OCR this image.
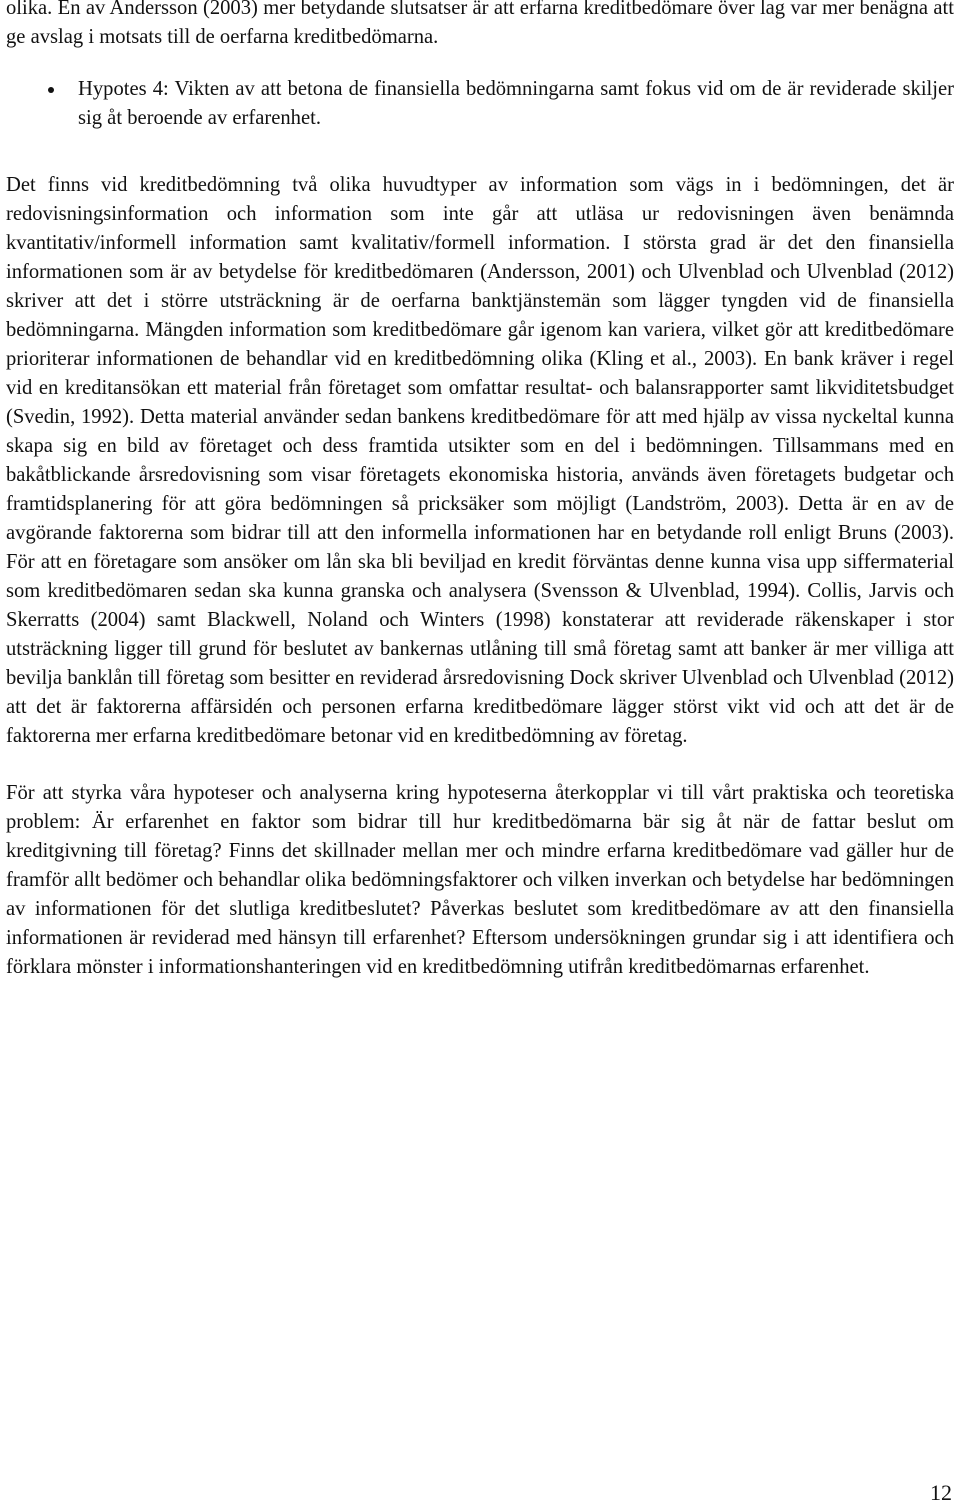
olika. En av Andersson (2003) mer betydande slutsatser är att erfarna kreditbedömare över lag var mer benägna att ge avslag i motsats till de oerfarna kreditbedömarna.

Hypotes 4: Vikten av att betona de finansiella bedömningarna samt fokus vid om de är reviderade skiljer sig åt beroende av erfarenhet.

Det finns vid kreditbedömning två olika huvudtyper av information som vägs in i bedömningen, det är redovisningsinformation och information som inte går att utläsa ur redovisningen även benämnda kvantitativ/informell information samt kvalitativ/formell information. I största grad är det den finansiella informationen som är av betydelse för kreditbedömaren (Andersson, 2001) och Ulvenblad och Ulvenblad (2012) skriver att det i större utsträckning är de oerfarna banktjänstemän som lägger tyngden vid de finansiella bedömningarna. Mängden information som kreditbedömare går igenom kan variera, vilket gör att kreditbedömare prioriterar informationen de behandlar vid en kreditbedömning olika (Kling et al., 2003). En bank kräver i regel vid en kreditansökan ett material från företaget som omfattar resultat- och balansrapporter samt likviditetsbudget (Svedin, 1992). Detta material använder sedan bankens kreditbedömare för att med hjälp av vissa nyckeltal kunna skapa sig en bild av företaget och dess framtida utsikter som en del i bedömningen. Tillsammans med en bakåtblickande årsredovisning som visar företagets ekonomiska historia, används även företagets budgetar och framtidsplanering för att göra bedömningen så pricksäker som möjligt (Landström, 2003). Detta är en av de avgörande faktorerna som bidrar till att den informella informationen har en betydande roll enligt Bruns (2003). För att en företagare som ansöker om lån ska bli beviljad en kredit förväntas denne kunna visa upp siffermaterial som kreditbedömaren sedan ska kunna granska och analysera (Svensson & Ulvenblad, 1994). Collis, Jarvis och Skerratts (2004) samt Blackwell, Noland och Winters (1998) konstaterar att reviderade räkenskaper i stor utsträckning ligger till grund för beslutet av bankernas utlåning till små företag samt att banker är mer villiga att bevilja banklån till företag som besitter en reviderad årsredovisning Dock skriver Ulvenblad och Ulvenblad (2012) att det är faktorerna affärsidén och personen erfarna kreditbedömare lägger störst vikt vid och att det är de faktorerna mer erfarna kreditbedömare betonar vid en kreditbedömning av företag.

För att styrka våra hypoteser och analyserna kring hypoteserna återkopplar vi till vårt praktiska och teoretiska problem: Är erfarenhet en faktor som bidrar till hur kreditbedömarna bär sig åt när de fattar beslut om kreditgivning till företag? Finns det skillnader mellan mer och mindre erfarna kreditbedömare vad gäller hur de framför allt bedömer och behandlar olika bedömningsfaktorer och vilken inverkan och betydelse har bedömningen av informationen för det slutliga kreditbeslutet? Påverkas beslutet som kreditbedömare av att den finansiella informationen är reviderad med hänsyn till erfarenhet? Eftersom undersökningen grundar sig i att identifiera och förklara mönster i informationshanteringen vid en kreditbedömning utifrån kreditbedömarnas erfarenhet.

12
